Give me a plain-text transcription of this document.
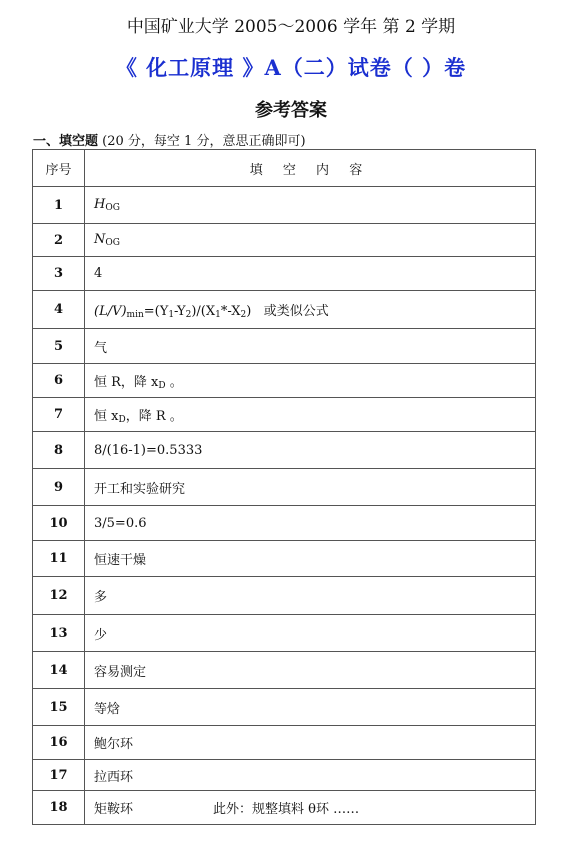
中国矿业大学 2005～2006 学年 第 2 学期
《 化工原理 》A（二）试卷（ ）卷
参考答案
一、填空题 (20 分，每空 1 分，意思正确即可)
序号	填 空 内 容
1	$H_{OG}$
2	$N_{OG}$
3	4
4	$(L/V)_{min}=(Y_1-Y_2)/(X_1*-X_2)$ 或类似公式
5	气
6	恒 R，降 $x_D$ 。
7	恒 $x_D$，降 R 。
8	8/(16-1)=0.5333
9	开工和实验研究
10	3/5=0.6
11	恒速干燥
12	多
13	少
14	容易测定
15	等焓
16	鲍尔环
17	拉西环
18	矩鞍环 此外：规整填料 θ环 ……
